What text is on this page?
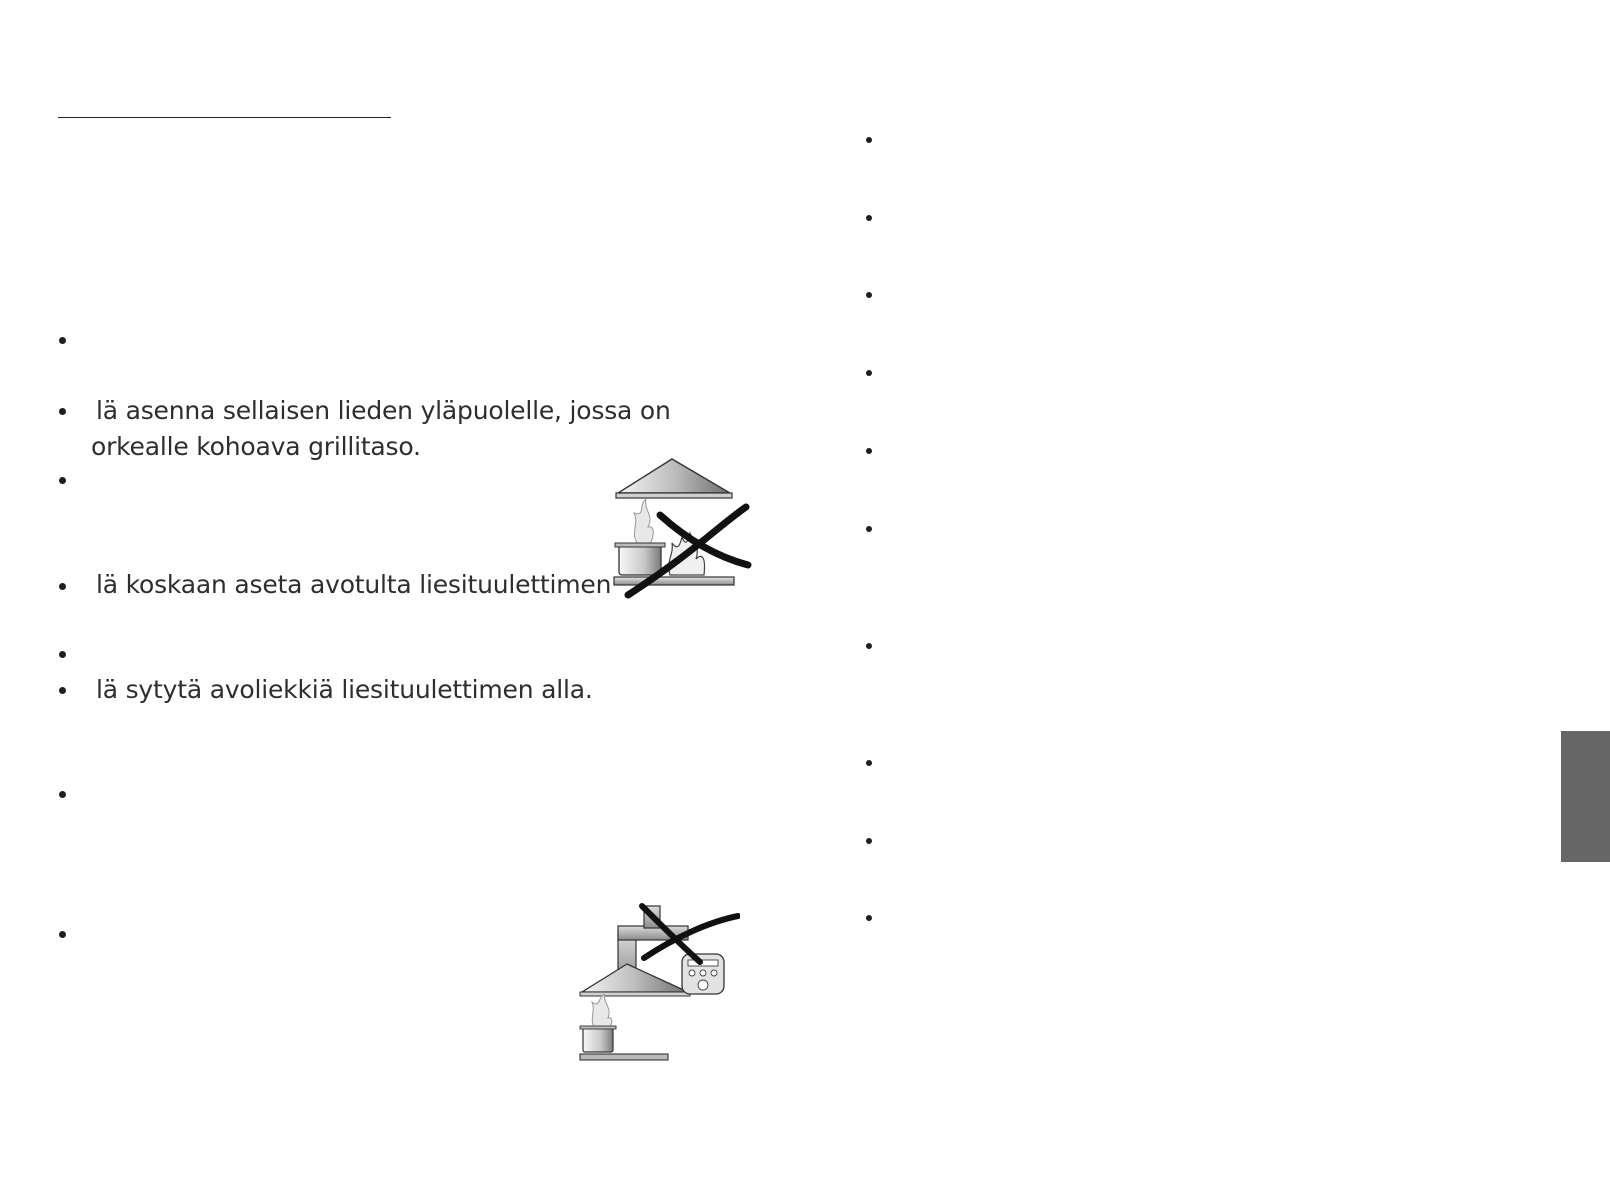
lä asenna sellaisen lieden yläpuolelle, jossa on
orkealle kohoava grillitaso.
lä koskaan aseta avotulta liesituulettimen
lä sytytä avoliekkiä liesituulettimen alla.
